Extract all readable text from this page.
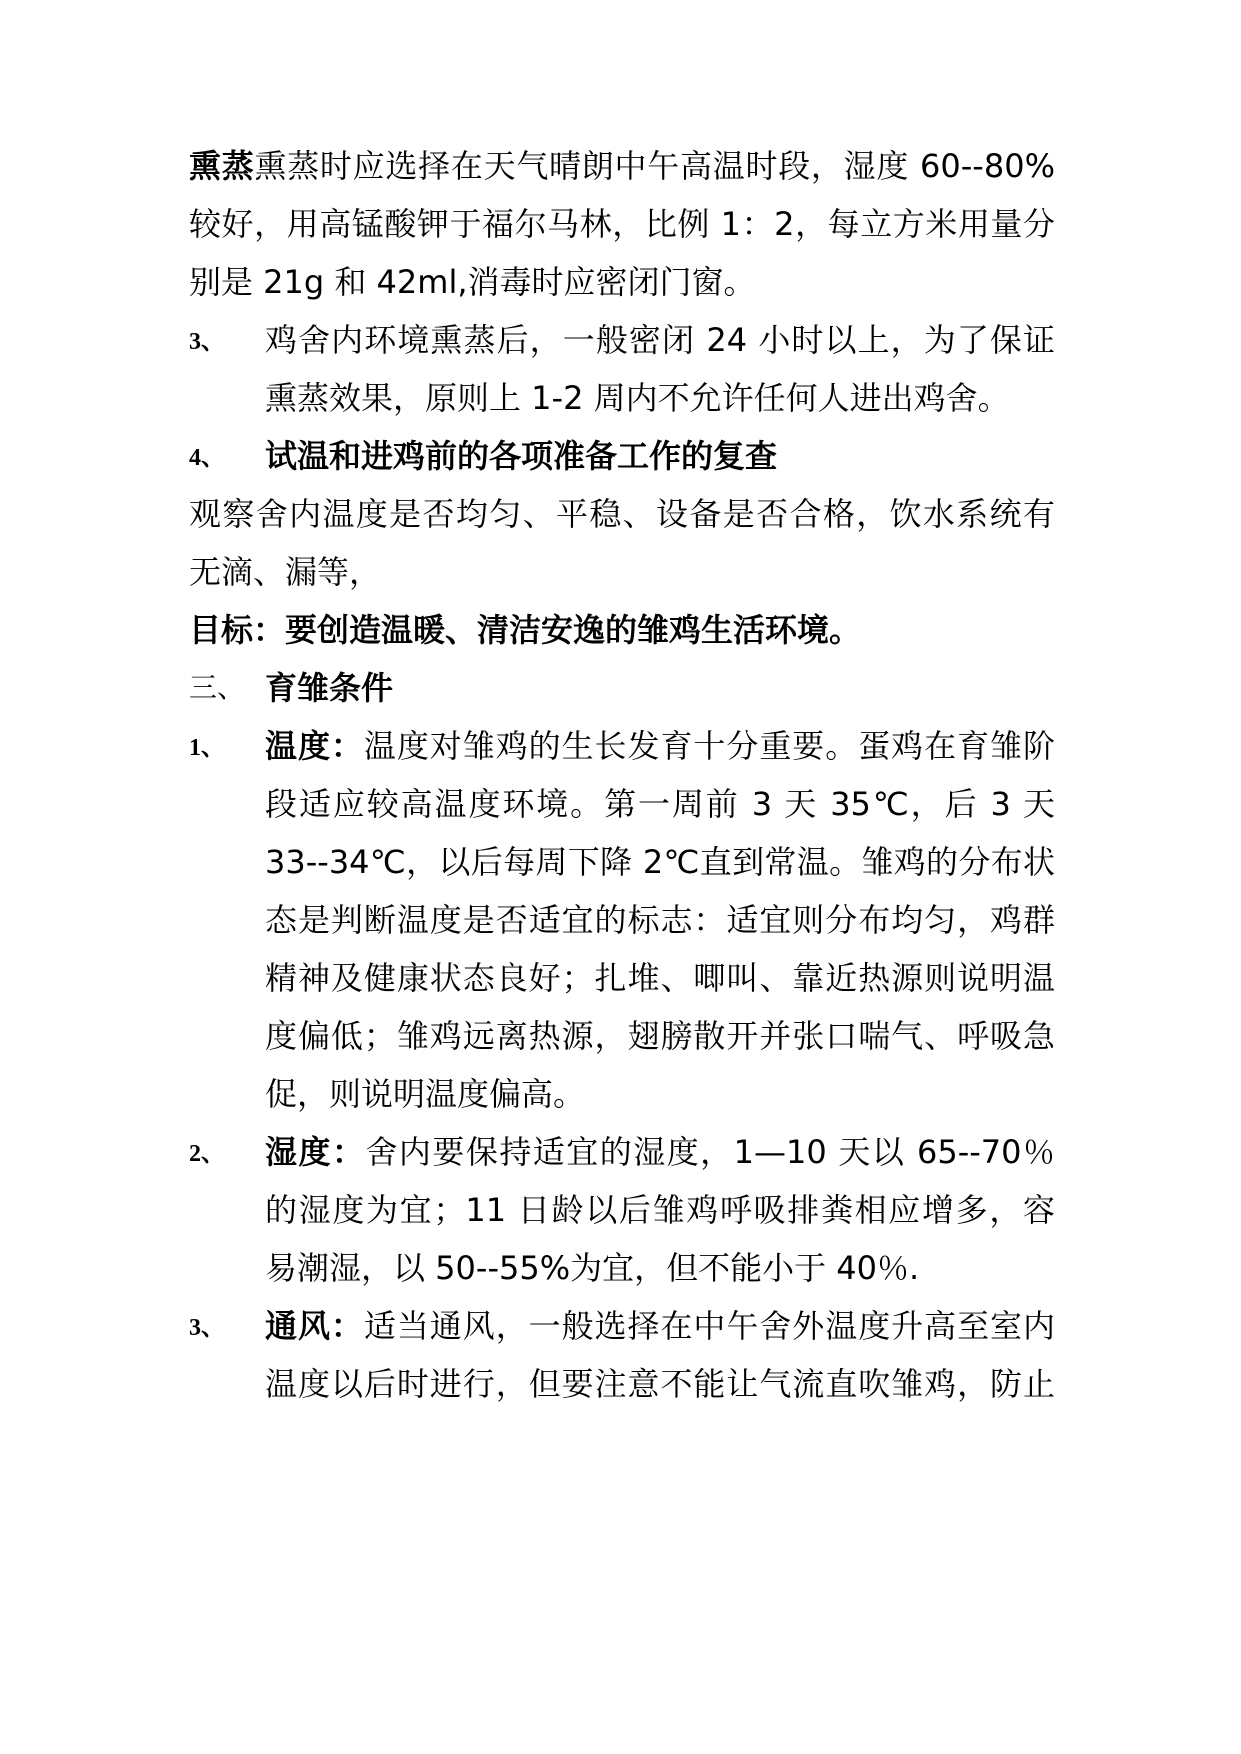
熏蒸熏蒸时应选择在天气晴朗中午高温时段，湿度 60--80%
较好，用高锰酸钾于福尔马林，比例 1：2，每立方米用量分
别是 21g 和 42ml,消毒时应密闭门窗。
3、 鸡舍内环境熏蒸后，一般密闭 24 小时以上，为了保证
熏蒸效果，原则上 1-2 周内不允许任何人进出鸡舍。
4、 试温和进鸡前的各项准备工作的复查
观察舍内温度是否均匀、平稳、设备是否合格，饮水系统有
无滴、漏等，
目标：要创造温暖、清洁安逸的雏鸡生活环境。
三、 育雏条件
1、 温度：温度对雏鸡的生长发育十分重要。蛋鸡在育雏阶
段适应较高温度环境。第一周前 3 天 35℃，后 3 天
33--34℃，以后每周下降 2℃直到常温。雏鸡的分布状
态是判断温度是否适宜的标志：适宜则分布均匀，鸡群
精神及健康状态良好；扎堆、唧叫、靠近热源则说明温
度偏低；雏鸡远离热源，翅膀散开并张口喘气、呼吸急
促，则说明温度偏高。
2、 湿度：舍内要保持适宜的湿度，1—10 天以 65--70％
的湿度为宜；11 日龄以后雏鸡呼吸排粪相应增多，容
易潮湿，以 50--55%为宜，但不能小于 40％.
3、 通风：适当通风，一般选择在中午舍外温度升高至室内
温度以后时进行，但要注意不能让气流直吹雏鸡，防止
